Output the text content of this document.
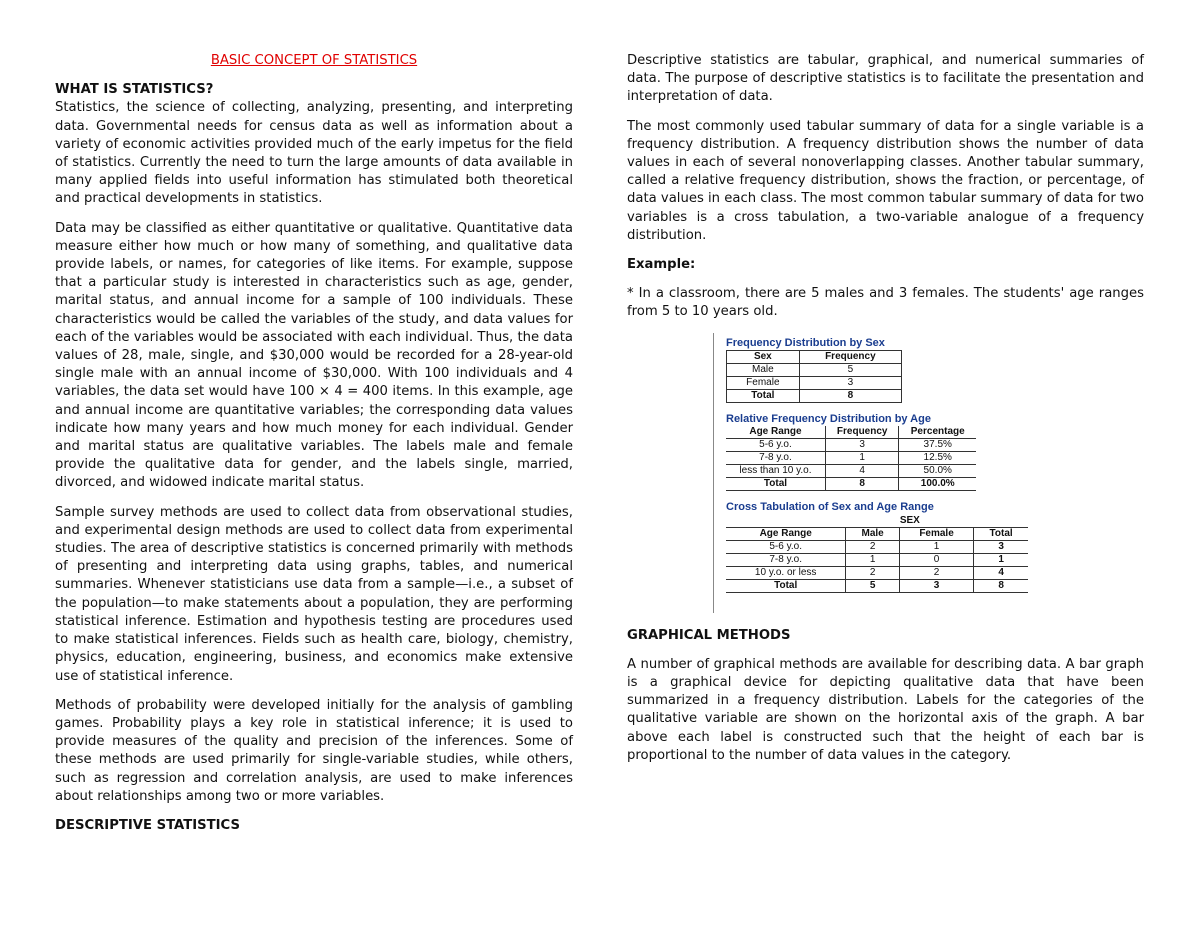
BASIC CONCEPT OF STATISTICS

WHAT IS STATISTICS?

Statistics, the science of collecting, analyzing, presenting, and interpreting data. Governmental needs for census data as well as information about a variety of economic activities provided much of the early impetus for the field of statistics. Currently the need to turn the large amounts of data available in many applied fields into useful information has stimulated both theoretical and practical developments in statistics.

Data may be classified as either quantitative or qualitative. Quantitative data measure either how much or how many of something, and qualitative data provide labels, or names, for categories of like items. For example, suppose that a particular study is interested in characteristics such as age, gender, marital status, and annual income for a sample of 100 individuals. These characteristics would be called the variables of the study, and data values for each of the variables would be associated with each individual. Thus, the data values of 28, male, single, and $30,000 would be recorded for a 28-year-old single male with an annual income of $30,000. With 100 individuals and 4 variables, the data set would have 100 × 4 = 400 items. In this example, age and annual income are quantitative variables; the corresponding data values indicate how many years and how much money for each individual. Gender and marital status are qualitative variables. The labels male and female provide the qualitative data for gender, and the labels single, married, divorced, and widowed indicate marital status.

Sample survey methods are used to collect data from observational studies, and experimental design methods are used to collect data from experimental studies. The area of descriptive statistics is concerned primarily with methods of presenting and interpreting data using graphs, tables, and numerical summaries. Whenever statisticians use data from a sample—i.e., a subset of the population—to make statements about a population, they are performing statistical inference. Estimation and hypothesis testing are procedures used to make statistical inferences. Fields such as health care, biology, chemistry, physics, education, engineering, business, and economics make extensive use of statistical inference.

Methods of probability were developed initially for the analysis of gambling games. Probability plays a key role in statistical inference; it is used to provide measures of the quality and precision of the inferences. Some of these methods are used primarily for single-variable studies, while others, such as regression and correlation analysis, are used to make inferences about relationships among two or more variables.

DESCRIPTIVE STATISTICS

Descriptive statistics are tabular, graphical, and numerical summaries of data. The purpose of descriptive statistics is to facilitate the presentation and interpretation of data.

The most commonly used tabular summary of data for a single variable is a frequency distribution. A frequency distribution shows the number of data values in each of several nonoverlapping classes. Another tabular summary, called a relative frequency distribution, shows the fraction, or percentage, of data values in each class. The most common tabular summary of data for two variables is a cross tabulation, a two-variable analogue of a frequency distribution.

Example:

* In a classroom, there are 5 males and 3 females. The students' age ranges from 5 to 10 years old.

Frequency Distribution by Sex
Sex	Frequency
Male	5
Female	3
Total	8
Relative Frequency Distribution by Age
Age Range	Frequency	Percentage
5-6 y.o.	3	37.5%
7-8 y.o.	1	12.5%
less than 10 y.o.	4	50.0%
Total	8	100.0%
Cross Tabulation of Sex and Age Range
	SEX		
Age Range	Male	Female	Total
5-6 y.o.	2	1	3
7-8 y.o.	1	0	1
10 y.o. or less	2	2	4
Total	5	3	8

GRAPHICAL METHODS

A number of graphical methods are available for describing data. A bar graph is a graphical device for depicting qualitative data that have been summarized in a frequency distribution. Labels for the categories of the qualitative variable are shown on the horizontal axis of the graph. A bar above each label is constructed such that the height of each bar is proportional to the number of data values in the category.
